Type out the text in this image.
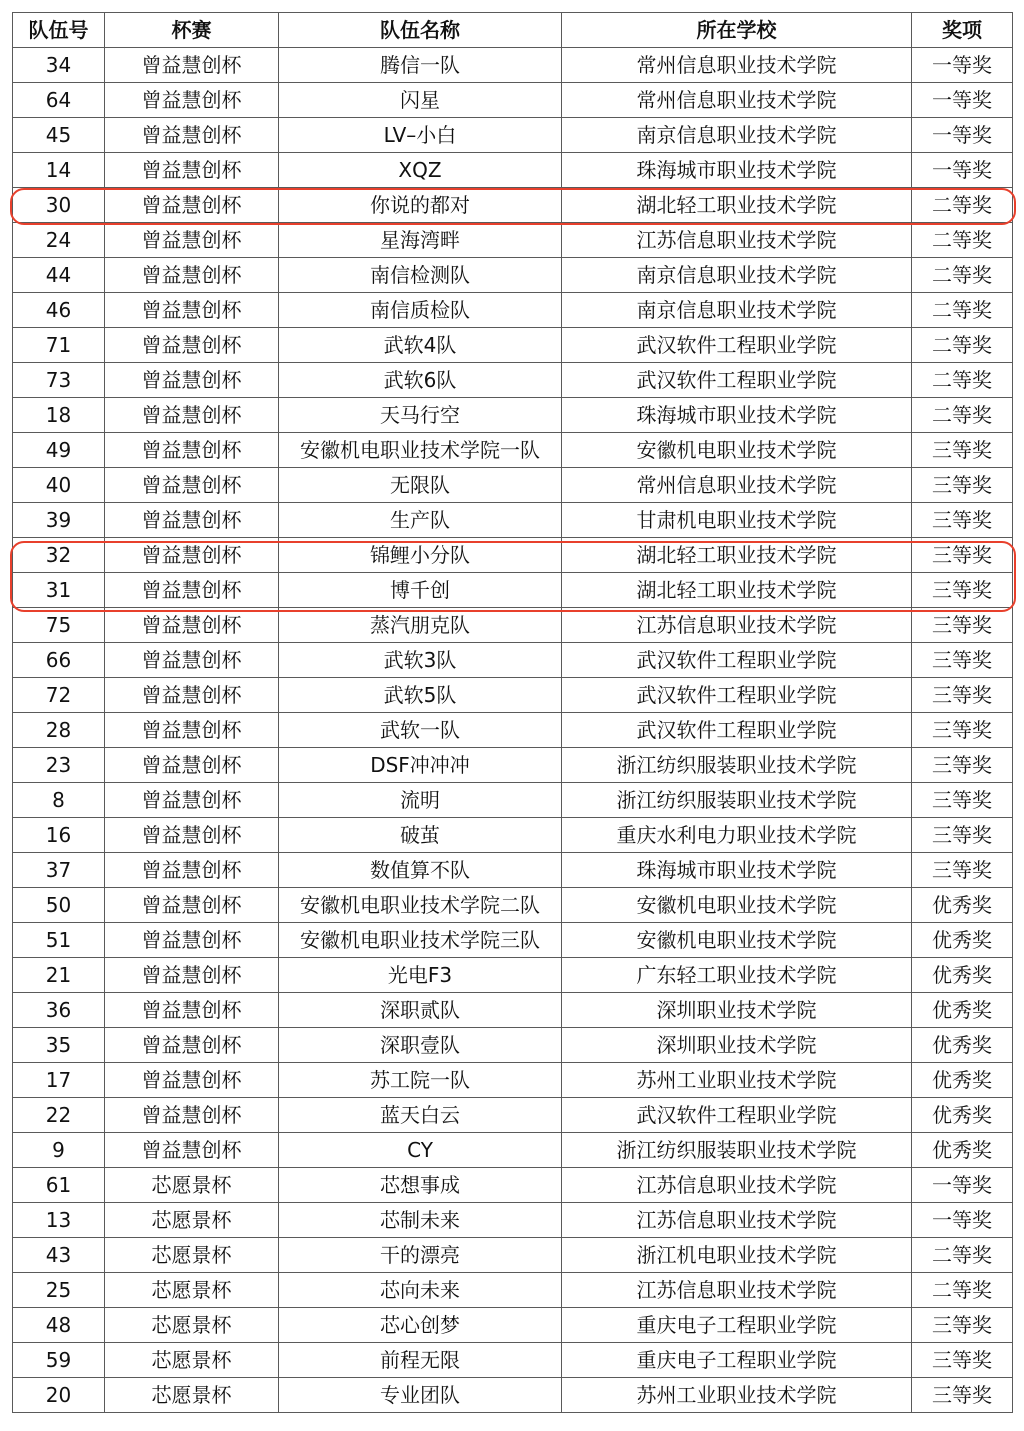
队伍号	杯赛	队伍名称	所在学校	奖项
34	曾益慧创杯	腾信一队	常州信息职业技术学院	一等奖
64	曾益慧创杯	闪星	常州信息职业技术学院	一等奖
45	曾益慧创杯	LV–小白	南京信息职业技术学院	一等奖
14	曾益慧创杯	XQZ	珠海城市职业技术学院	一等奖
30	曾益慧创杯	你说的都对	湖北轻工职业技术学院	二等奖
24	曾益慧创杯	星海湾畔	江苏信息职业技术学院	二等奖
44	曾益慧创杯	南信检测队	南京信息职业技术学院	二等奖
46	曾益慧创杯	南信质检队	南京信息职业技术学院	二等奖
71	曾益慧创杯	武软4队	武汉软件工程职业学院	二等奖
73	曾益慧创杯	武软6队	武汉软件工程职业学院	二等奖
18	曾益慧创杯	天马行空	珠海城市职业技术学院	二等奖
49	曾益慧创杯	安徽机电职业技术学院一队	安徽机电职业技术学院	三等奖
40	曾益慧创杯	无限队	常州信息职业技术学院	三等奖
39	曾益慧创杯	生产队	甘肃机电职业技术学院	三等奖
32	曾益慧创杯	锦鲤小分队	湖北轻工职业技术学院	三等奖
31	曾益慧创杯	博千创	湖北轻工职业技术学院	三等奖
75	曾益慧创杯	蒸汽朋克队	江苏信息职业技术学院	三等奖
66	曾益慧创杯	武软3队	武汉软件工程职业学院	三等奖
72	曾益慧创杯	武软5队	武汉软件工程职业学院	三等奖
28	曾益慧创杯	武软一队	武汉软件工程职业学院	三等奖
23	曾益慧创杯	DSF冲冲冲	浙江纺织服装职业技术学院	三等奖
8	曾益慧创杯	流明	浙江纺织服装职业技术学院	三等奖
16	曾益慧创杯	破茧	重庆水利电力职业技术学院	三等奖
37	曾益慧创杯	数值算不队	珠海城市职业技术学院	三等奖
50	曾益慧创杯	安徽机电职业技术学院二队	安徽机电职业技术学院	优秀奖
51	曾益慧创杯	安徽机电职业技术学院三队	安徽机电职业技术学院	优秀奖
21	曾益慧创杯	光电F3	广东轻工职业技术学院	优秀奖
36	曾益慧创杯	深职贰队	深圳职业技术学院	优秀奖
35	曾益慧创杯	深职壹队	深圳职业技术学院	优秀奖
17	曾益慧创杯	苏工院一队	苏州工业职业技术学院	优秀奖
22	曾益慧创杯	蓝天白云	武汉软件工程职业学院	优秀奖
9	曾益慧创杯	CY	浙江纺织服装职业技术学院	优秀奖
61	芯愿景杯	芯想事成	江苏信息职业技术学院	一等奖
13	芯愿景杯	芯制未来	江苏信息职业技术学院	一等奖
43	芯愿景杯	干的漂亮	浙江机电职业技术学院	二等奖
25	芯愿景杯	芯向未来	江苏信息职业技术学院	二等奖
48	芯愿景杯	芯心创梦	重庆电子工程职业学院	三等奖
59	芯愿景杯	前程无限	重庆电子工程职业学院	三等奖
20	芯愿景杯	专业团队	苏州工业职业技术学院	三等奖
